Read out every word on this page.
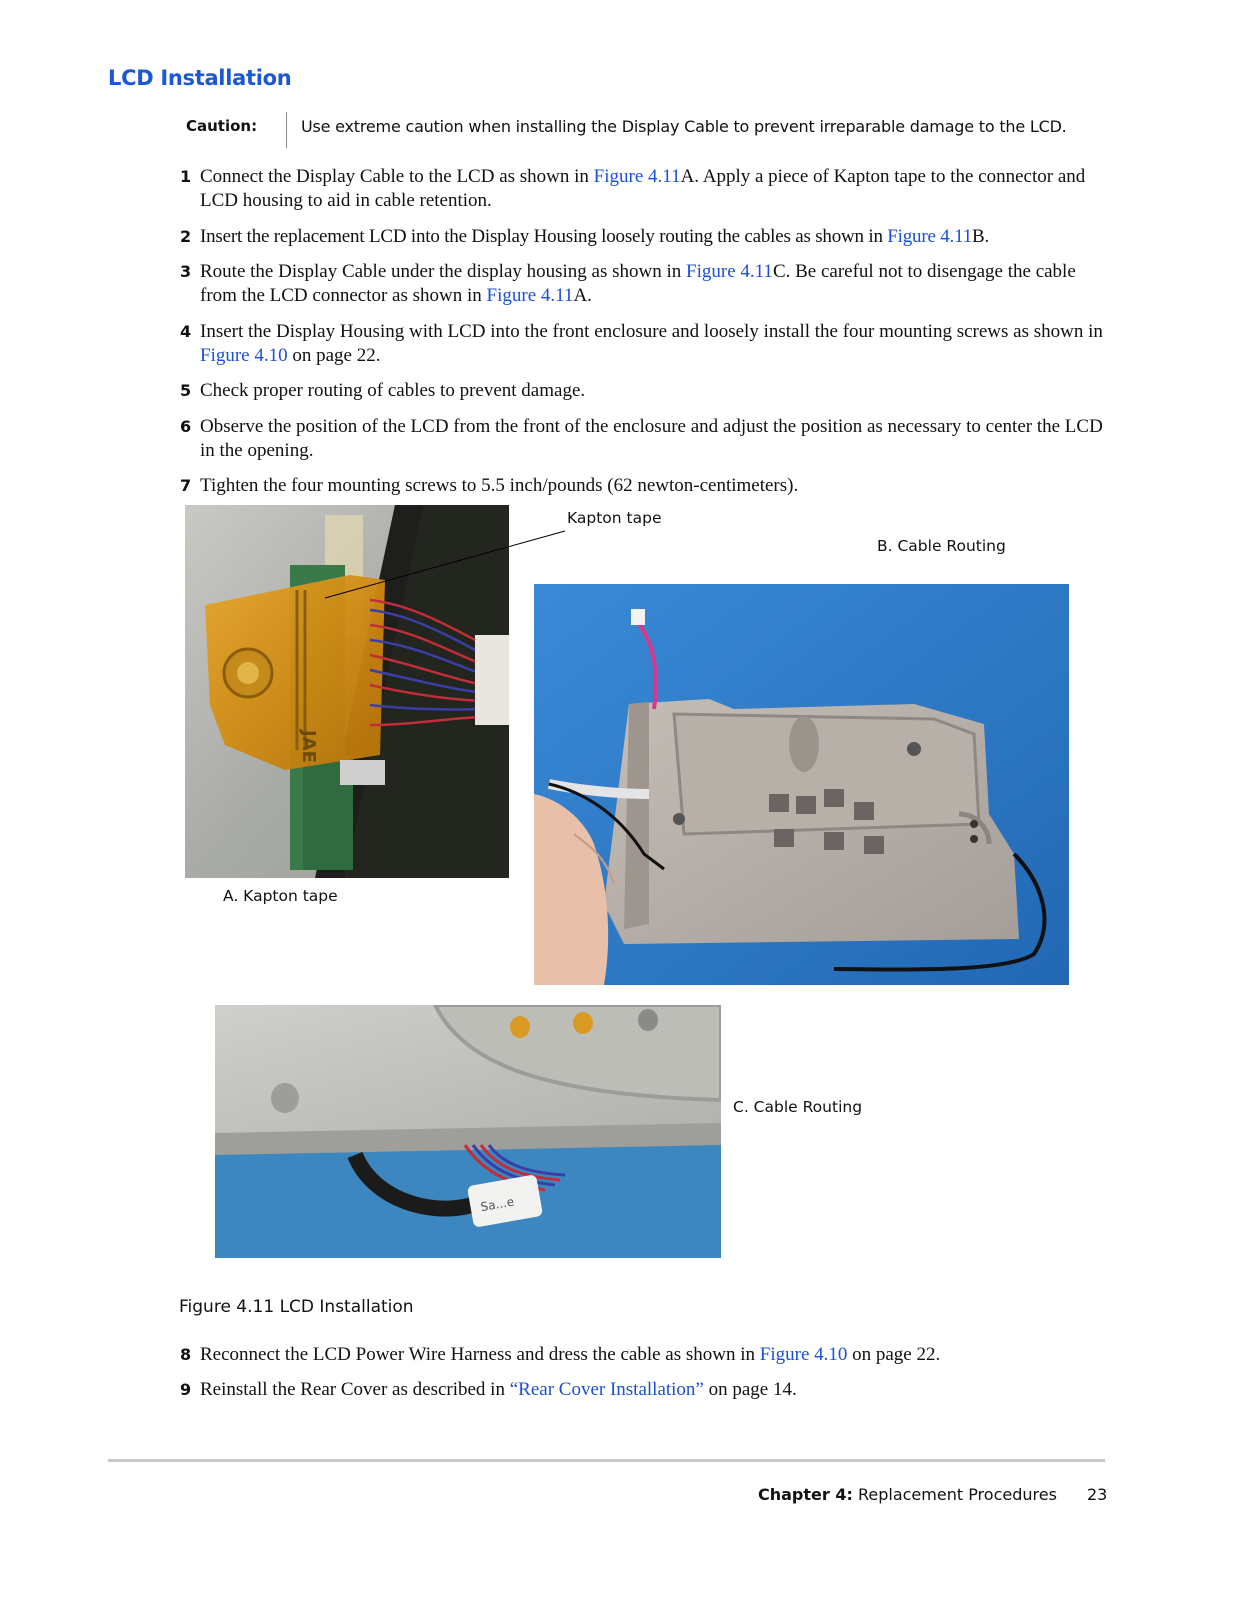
LCD Installation
Caution:	Use extreme caution when installing the Display Cable to prevent irreparable damage to the LCD.
1 Connect the Display Cable to the LCD as shown in Figure 4.11A. Apply a piece of Kapton tape to the connector and LCD housing to aid in cable retention.
2 Insert the replacement LCD into the Display Housing loosely routing the cables as shown in Figure 4.11B.
3 Route the Display Cable under the display housing as shown in Figure 4.11C. Be careful not to disengage the cable from the LCD connector as shown in Figure 4.11A.
4 Insert the Display Housing with LCD into the front enclosure and loosely install the four mounting screws as shown in Figure 4.10 on page 22.
5 Check proper routing of cables to prevent damage.
6 Observe the position of the LCD from the front of the enclosure and adjust the position as necessary to center the LCD in the opening.
7 Tighten the four mounting screws to 5.5 inch/pounds (62 newton-centimeters).
JAE
Kapton tape
A. Kapton tape
B. Cable Routing
Sa...e
C. Cable Routing
Figure 4.11 LCD Installation
8 Reconnect the LCD Power Wire Harness and dress the cable as shown in Figure 4.10 on page 22.
9 Reinstall the Rear Cover as described in “Rear Cover Installation” on page 14.
Chapter 4: Replacement Procedures 23
